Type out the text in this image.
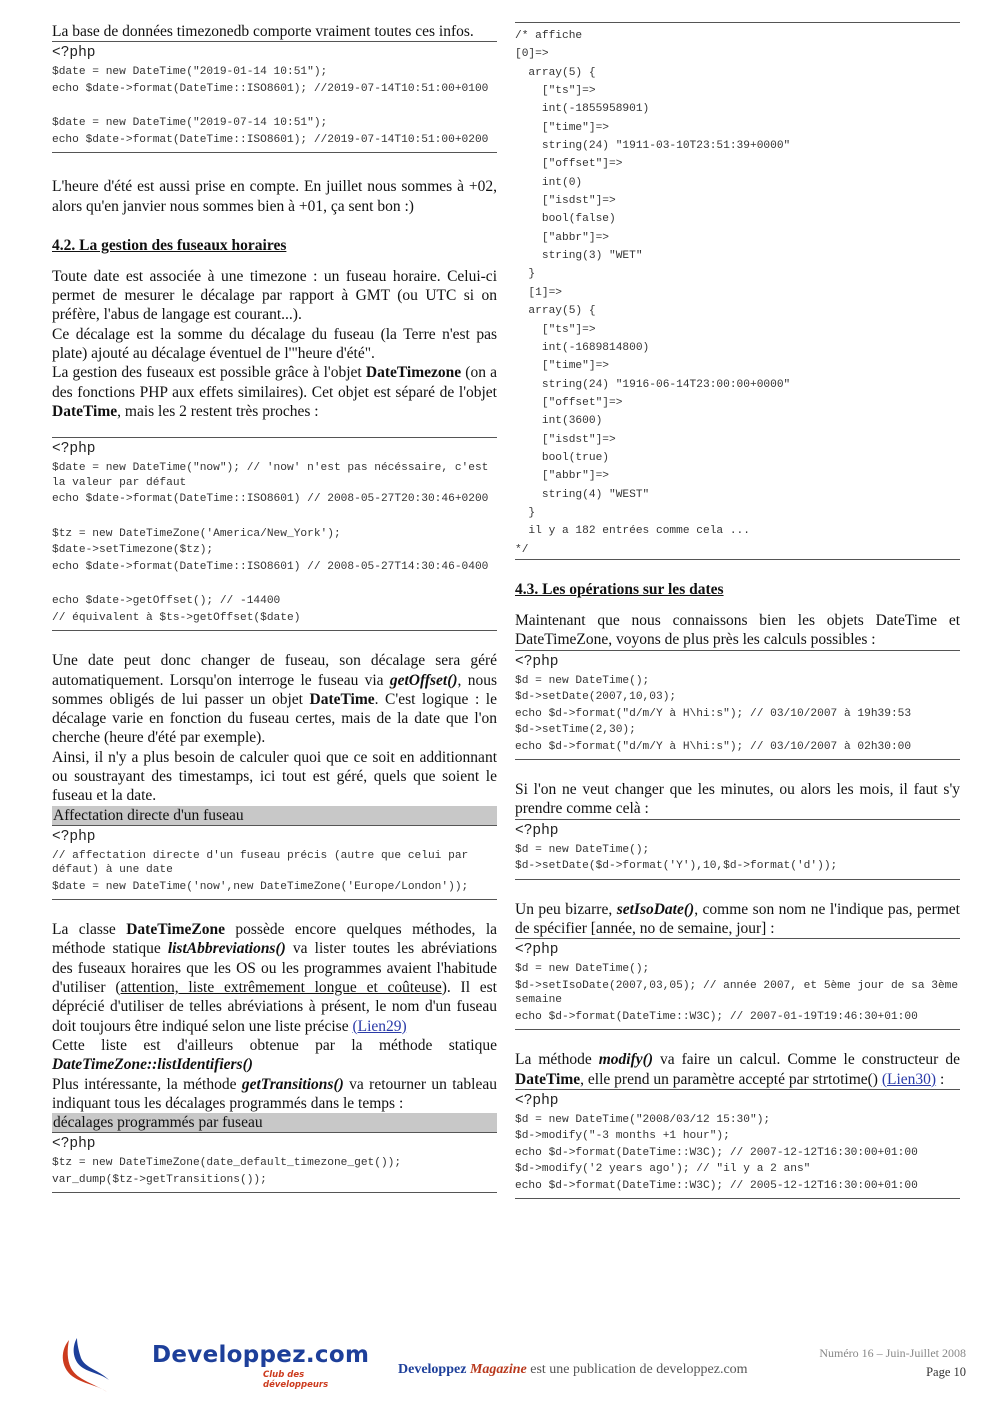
La base de données timezonedb comporte vraiment toutes ces infos.

<?php
$date = new DateTime("2019-01-14 10:51");
echo $date->format(DateTime::ISO8601); //2019-07-14T10:51:00+0100
$date = new DateTime("2019-07-14 10:51");
echo $date->format(DateTime::ISO8601); //2019-07-14T10:51:00+0200

L'heure d'été est aussi prise en compte. En juillet nous sommes à +02, alors qu'en janvier nous sommes bien à +01, ça sent bon :)

4.2. La gestion des fuseaux horaires

Toute date est associée à une timezone : un fuseau horaire. Celui-ci permet de mesurer le décalage par rapport à GMT (ou UTC si on préfère, l'abus de langage est courant...).

Ce décalage est la somme du décalage du fuseau (la Terre n'est pas plate) ajouté au décalage éventuel de l'"heure d'été".

La gestion des fuseaux est possible grâce à l'objet DateTimezone (on a des fonctions PHP aux effets similaires). Cet objet est séparé de l'objet DateTime, mais les 2 restent très proches :

<?php
$date = new DateTime("now"); // 'now' n'est pas nécéssaire, c'est la valeur par défaut
echo $date->format(DateTime::ISO8601) // 2008-05-27T20:30:46+0200
$tz = new DateTimeZone('America/New_York');
$date->setTimezone($tz);
echo $date->format(DateTime::ISO8601) // 2008-05-27T14:30:46-0400
echo $date->getOffset(); // -14400
// équivalent à $ts->getOffset($date)

Une date peut donc changer de fuseau, son décalage sera géré automatiquement. Lorsqu'on interroge le fuseau via getOffset(), nous sommes obligés de lui passer un objet DateTime. C'est logique : le décalage varie en fonction du fuseau certes, mais de la date que l'on cherche (heure d'été par exemple).

Ainsi, il n'y a plus besoin de calculer quoi que ce soit en additionnant ou soustrayant des timestamps, ici tout est géré, quels que soient le fuseau et la date.

Affectation directe d'un fuseau
<?php
// affectation directe d'un fuseau précis (autre que celui par défaut) à une date
$date = new DateTime('now',new DateTimeZone('Europe/London'));

La classe DateTimeZone possède encore quelques méthodes, la méthode statique listAbbreviations() va lister toutes les abréviations des fuseaux horaires que les OS ou les programmes avaient l'habitude d'utiliser (attention, liste extrêmement longue et coûteuse). Il est déprécié d'utiliser de telles abréviations à présent, le nom d'un fuseau doit toujours être indiqué selon une liste précise (Lien29)

Cette liste est d'ailleurs obtenue par la méthode statique DateTimeZone::listIdentifiers()

Plus intéressante, la méthode getTransitions() va retourner un tableau indiquant tous les décalages programmés dans le temps :

décalages programmés par fuseau
<?php
$tz = new DateTimeZone(date_default_timezone_get());
var_dump($tz->getTransitions());
/* affiche
[0]=>
array(5) {
["ts"]=>
int(-1855958901)
["time"]=>
string(24) "1911-03-10T23:51:39+0000"
["offset"]=>
int(0)
["isdst"]=>
bool(false)
["abbr"]=>
string(3) "WET"
}
[1]=>
array(5) {
["ts"]=>
int(-1689814800)
["time"]=>
string(24) "1916-06-14T23:00:00+0000"
["offset"]=>
int(3600)
["isdst"]=>
bool(true)
["abbr"]=>
string(4) "WEST"
}
il y a 182 entrées comme cela ...
*/
4.3. Les opérations sur les dates

Maintenant que nous connaissons bien les objets DateTime et DateTimeZone, voyons de plus près les calculs possibles :

<?php
$d = new DateTime();
$d->setDate(2007,10,03);
echo $d->format("d/m/Y à H\hi:s"); // 03/10/2007 à 19h39:53
$d->setTime(2,30);
echo $d->format("d/m/Y à H\hi:s"); // 03/10/2007 à 02h30:00

Si l'on ne veut changer que les minutes, ou alors les mois, il faut s'y prendre comme celà :

<?php
$d = new DateTime();
$d->setDate($d->format('Y'),10,$d->format('d'));

Un peu bizarre, setIsoDate(), comme son nom ne l'indique pas, permet de spécifier [année, no de semaine, jour] :

<?php
$d = new DateTime();
$d->setIsoDate(2007,03,05); // année 2007, et 5ème jour de sa 3ème semaine
echo $d->format(DateTime::W3C); // 2007-01-19T19:46:30+01:00

La méthode modify() va faire un calcul. Comme le constructeur de DateTime, elle prend un paramètre accepté par strtotime() (Lien30) :

<?php
$d = new DateTime("2008/03/12 15:30");
$d->modify("-3 months +1 hour");
echo $d->format(DateTime::W3C); // 2007-12-12T16:30:00+01:00
$d->modify('2 years ago'); // "il y a 2 ans"
echo $d->format(DateTime::W3C); // 2005-12-12T16:30:00+01:00
Developpez.com
Club des développeurs
Developpez Magazine est une publication de developpez.com
Numéro 16 – Juin-Juillet 2008
Page 10
